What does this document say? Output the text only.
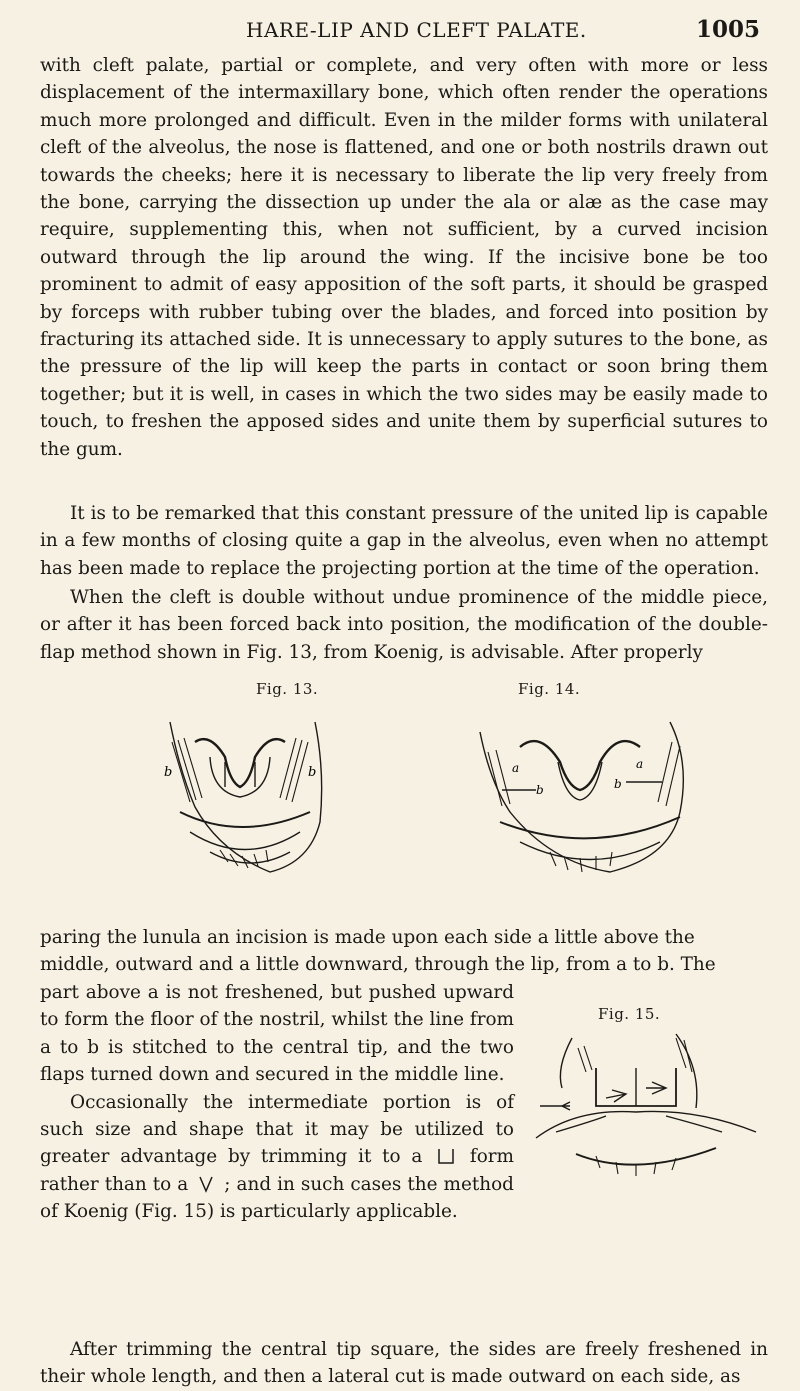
HARE-LIP AND CLEFT PALATE.	1005

with cleft palate, partial or complete, and very often with more or less displacement of the intermaxillary bone, which often render the operations much more prolonged and difficult. Even in the milder forms with unilateral cleft of the alveolus, the nose is flattened, and one or both nostrils drawn out towards the cheeks; here it is necessary to liberate the lip very freely from the bone, carrying the dissection up under the ala or alæ as the case may require, supplementing this, when not sufficient, by a curved incision outward through the lip around the wing. If the incisive bone be too prominent to admit of easy apposition of the soft parts, it should be grasped by forceps with rubber tubing over the blades, and forced into position by fracturing its attached side. It is unnecessary to apply sutures to the bone, as the pressure of the lip will keep the parts in contact or soon bring them together; but it is well, in cases in which the two sides may be easily made to touch, to freshen the apposed sides and unite them by superficial sutures to the gum.

It is to be remarked that this constant pressure of the united lip is capable in a few months of closing quite a gap in the alveolus, even when no attempt has been made to replace the projecting portion at the time of the operation.

When the cleft is double without undue prominence of the middle piece, or after it has been forced back into position, the modification of the double-flap method shown in Fig. 13, from Koenig, is advisable. After properly

Fig. 13.
b	b
Fig. 14.
a
b	b
a

paring the lunula an incision is made upon each side a little above the
middle, outward and a little downward, through the lip, from a to b. The

part above a is not freshened, but pushed upward to form the floor of the nostril, whilst the line from a to b is stitched to the central tip, and the two flaps turned down and secured in the middle line.
Occasionally the intermediate portion is of such size and shape that it may be utilized to greater advantage by trimming it to a	form rather than to a ; and in such cases the method of Koenig (Fig. 15) is particularly applicable.
Fig. 15.

After trimming the central tip square, the sides are freely freshened in their whole length, and then a lateral cut is made outward on each side, as
